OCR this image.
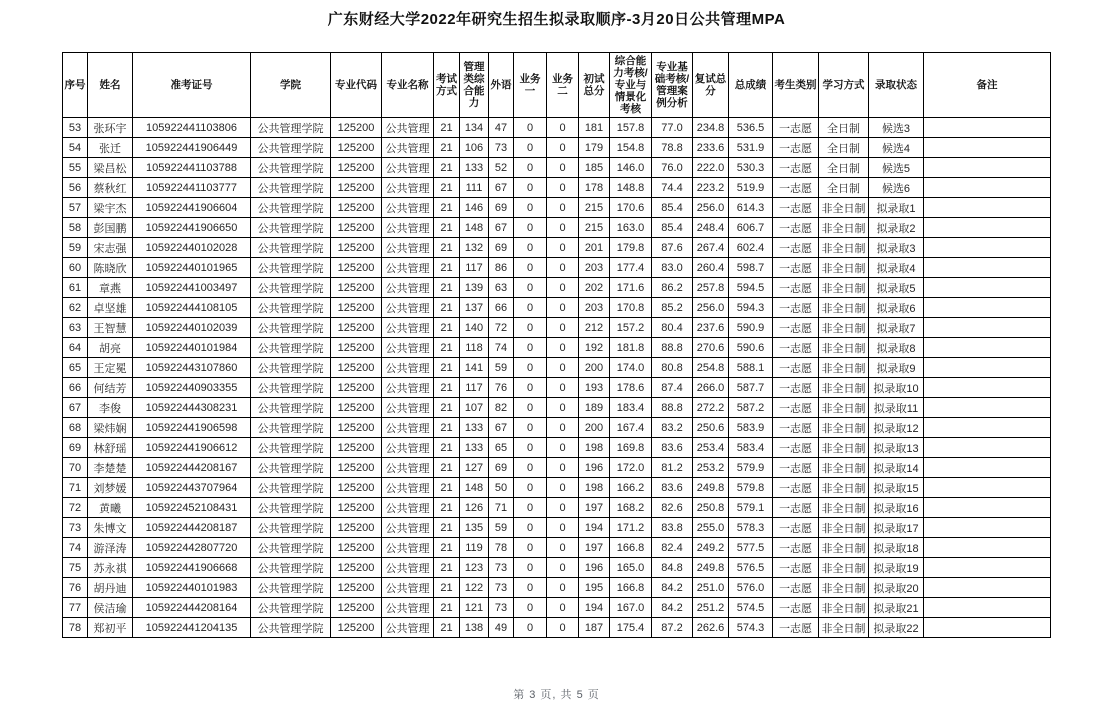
广东财经大学2022年研究生招生拟录取顺序-3月20日公共管理MPA
序号	姓名	准考证号	学院	专业代码	专业名称	考试方式	管理类综合能力	外语	业务一	业务二	初试总分	综合能力考核/专业与情景化考核	专业基础考核/管理案例分析	复试总分	总成绩	考生类别	学习方式	录取状态	备注
53	张环宇	105922441103806	公共管理学院	125200	公共管理	21	134	47	0	0	181	157.8	77.0	234.8	536.5	一志愿	全日制	候选3	
54	张迁	105922441906449	公共管理学院	125200	公共管理	21	106	73	0	0	179	154.8	78.8	233.6	531.9	一志愿	全日制	候选4	
55	梁昌松	105922441103788	公共管理学院	125200	公共管理	21	133	52	0	0	185	146.0	76.0	222.0	530.3	一志愿	全日制	候选5	
56	蔡秋红	105922441103777	公共管理学院	125200	公共管理	21	111	67	0	0	178	148.8	74.4	223.2	519.9	一志愿	全日制	候选6	
57	梁宇杰	105922441906604	公共管理学院	125200	公共管理	21	146	69	0	0	215	170.6	85.4	256.0	614.3	一志愿	非全日制	拟录取1	
58	彭国鹏	105922441906650	公共管理学院	125200	公共管理	21	148	67	0	0	215	163.0	85.4	248.4	606.7	一志愿	非全日制	拟录取2	
59	宋志强	105922440102028	公共管理学院	125200	公共管理	21	132	69	0	0	201	179.8	87.6	267.4	602.4	一志愿	非全日制	拟录取3	
60	陈晓欣	105922440101965	公共管理学院	125200	公共管理	21	117	86	0	0	203	177.4	83.0	260.4	598.7	一志愿	非全日制	拟录取4	
61	章燕	105922441003497	公共管理学院	125200	公共管理	21	139	63	0	0	202	171.6	86.2	257.8	594.5	一志愿	非全日制	拟录取5	
62	卓坚雄	105922444108105	公共管理学院	125200	公共管理	21	137	66	0	0	203	170.8	85.2	256.0	594.3	一志愿	非全日制	拟录取6	
63	王智慧	105922440102039	公共管理学院	125200	公共管理	21	140	72	0	0	212	157.2	80.4	237.6	590.9	一志愿	非全日制	拟录取7	
64	胡亮	105922440101984	公共管理学院	125200	公共管理	21	118	74	0	0	192	181.8	88.8	270.6	590.6	一志愿	非全日制	拟录取8	
65	王定冕	105922443107860	公共管理学院	125200	公共管理	21	141	59	0	0	200	174.0	80.8	254.8	588.1	一志愿	非全日制	拟录取9	
66	何结芳	105922440903355	公共管理学院	125200	公共管理	21	117	76	0	0	193	178.6	87.4	266.0	587.7	一志愿	非全日制	拟录取10	
67	李俊	105922444308231	公共管理学院	125200	公共管理	21	107	82	0	0	189	183.4	88.8	272.2	587.2	一志愿	非全日制	拟录取11	
68	梁炜娴	105922441906598	公共管理学院	125200	公共管理	21	133	67	0	0	200	167.4	83.2	250.6	583.9	一志愿	非全日制	拟录取12	
69	林舒瑶	105922441906612	公共管理学院	125200	公共管理	21	133	65	0	0	198	169.8	83.6	253.4	583.4	一志愿	非全日制	拟录取13	
70	李楚楚	105922444208167	公共管理学院	125200	公共管理	21	127	69	0	0	196	172.0	81.2	253.2	579.9	一志愿	非全日制	拟录取14	
71	刘梦媛	105922443707964	公共管理学院	125200	公共管理	21	148	50	0	0	198	166.2	83.6	249.8	579.8	一志愿	非全日制	拟录取15	
72	黄曦	105922452108431	公共管理学院	125200	公共管理	21	126	71	0	0	197	168.2	82.6	250.8	579.1	一志愿	非全日制	拟录取16	
73	朱博文	105922444208187	公共管理学院	125200	公共管理	21	135	59	0	0	194	171.2	83.8	255.0	578.3	一志愿	非全日制	拟录取17	
74	游泽涛	105922442807720	公共管理学院	125200	公共管理	21	119	78	0	0	197	166.8	82.4	249.2	577.5	一志愿	非全日制	拟录取18	
75	苏永祺	105922441906668	公共管理学院	125200	公共管理	21	123	73	0	0	196	165.0	84.8	249.8	576.5	一志愿	非全日制	拟录取19	
76	胡丹迪	105922440101983	公共管理学院	125200	公共管理	21	122	73	0	0	195	166.8	84.2	251.0	576.0	一志愿	非全日制	拟录取20	
77	侯洁瑜	105922444208164	公共管理学院	125200	公共管理	21	121	73	0	0	194	167.0	84.2	251.2	574.5	一志愿	非全日制	拟录取21	
78	郑初平	105922441204135	公共管理学院	125200	公共管理	21	138	49	0	0	187	175.4	87.2	262.6	574.3	一志愿	非全日制	拟录取22	
第 3 页, 共 5 页
